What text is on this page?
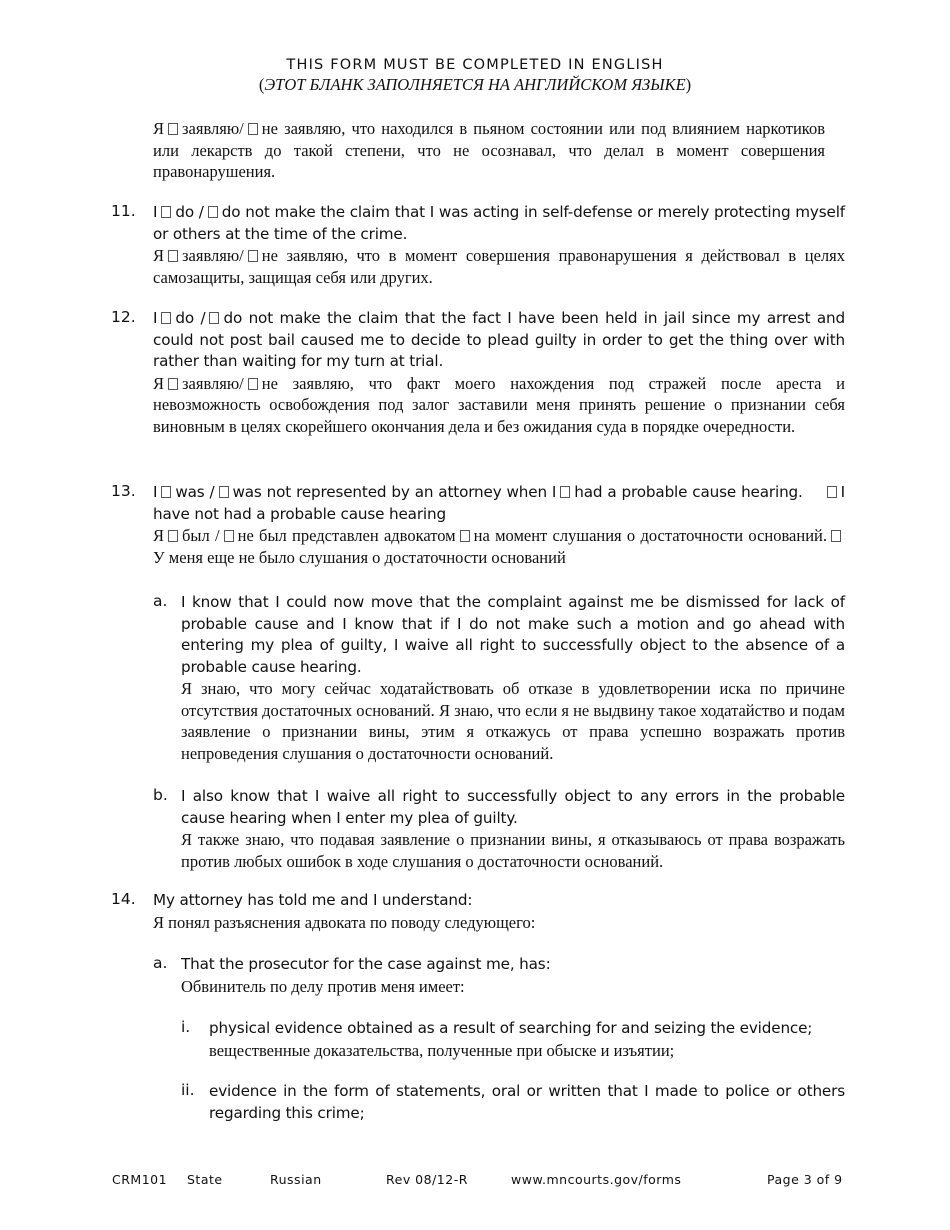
THIS FORM MUST BE COMPLETED IN ENGLISH
(ЭТОТ БЛАНК ЗАПОЛНЯЕТСЯ НА АНГЛИЙСКОМ ЯЗЫКЕ)
Я заявляю/ не заявляю, что находился в пьяном состоянии или под влиянием наркотиков или лекарств до такой степени, что не осознавал, что делал в момент совершения правонарушения.
11. I do / do not make the claim that I was acting in self-defense or merely protecting myself or others at the time of the crime.
Я заявляю/ не заявляю, что в момент совершения правонарушения я действовал в целях самозащиты, защищая себя или других.
12. I do / do not make the claim that the fact I have been held in jail since my arrest and could not post bail caused me to decide to plead guilty in order to get the thing over with rather than waiting for my turn at trial.
Я заявляю/ не заявляю, что факт моего нахождения под стражей после ареста и невозможность освобождения под залог заставили меня принять решение о признании себя виновным в целях скорейшего окончания дела и без ожидания суда в порядке очередности.
13. I was / was not represented by an attorney when I had a probable cause hearing. I have not had a probable cause hearing
Я был / не был представлен адвокатом на момент слушания о достаточности оснований.У меня еще не было слушания о достаточности оснований
a. I know that I could now move that the complaint against me be dismissed for lack of probable cause and I know that if I do not make such a motion and go ahead with entering my plea of guilty, I waive all right to successfully object to the absence of a probable cause hearing.
Я знаю, что могу сейчас ходатайствовать об отказе в удовлетворении иска по причине отсутствия достаточных оснований. Я знаю, что если я не выдвину такое ходатайство и подам заявление о признании вины, этим я откажусь от права успешно возражать против непроведения слушания о достаточности оснований.
b. I also know that I waive all right to successfully object to any errors in the probable cause hearing when I enter my plea of guilty.
Я также знаю, что подавая заявление о признании вины, я отказываюсь от права возражать против любых ошибок в ходе слушания о достаточности оснований.
14. My attorney has told me and I understand:
Я понял разъяснения адвоката по поводу следующего:
a. That the prosecutor for the case against me, has:
Обвинитель по делу против меня имеет:
i. physical evidence obtained as a result of searching for and seizing the evidence;
вещественные доказательства, полученные при обыске и изъятии;
ii. evidence in the form of statements, oral or written that I made to police or others regarding this crime;
CRM101 State	Russian	Rev 08/12-R	www.mncourts.gov/forms	Page 3 of 9
